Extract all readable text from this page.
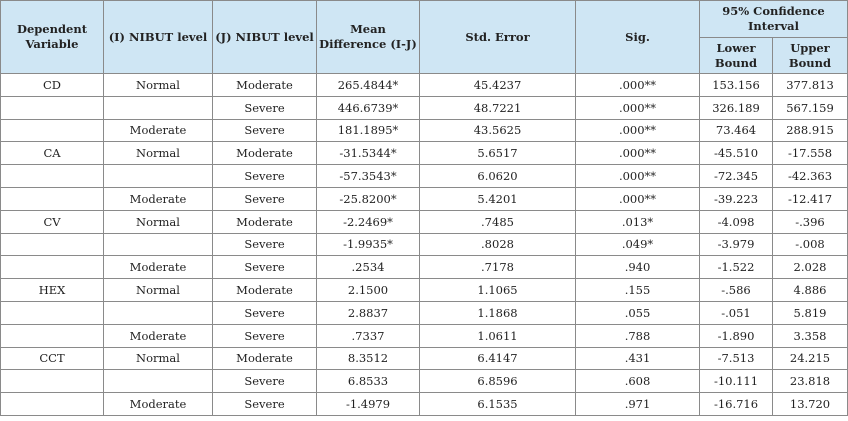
Dependent Variable	(I) NIBUT level	(J) NIBUT level	Mean Difference (I-J)	Std. Error	Sig.	95% Confidence Interval	
						Lower Bound	Upper Bound
CD	Normal	Moderate	265.4844*	45.4237	.000**	153.156	377.813
		Severe	446.6739*	48.7221	.000**	326.189	567.159
	Moderate	Severe	181.1895*	43.5625	.000**	73.464	288.915
CA	Normal	Moderate	-31.5344*	5.6517	.000**	-45.510	-17.558
		Severe	-57.3543*	6.0620	.000**	-72.345	-42.363
	Moderate	Severe	-25.8200*	5.4201	.000**	-39.223	-12.417
CV	Normal	Moderate	-2.2469*	.7485	.013*	-4.098	-.396
		Severe	-1.9935*	.8028	.049*	-3.979	-.008
	Moderate	Severe	.2534	.7178	.940	-1.522	2.028
HEX	Normal	Moderate	2.1500	1.1065	.155	-.586	4.886
		Severe	2.8837	1.1868	.055	-.051	5.819
	Moderate	Severe	.7337	1.0611	.788	-1.890	3.358
CCT	Normal	Moderate	8.3512	6.4147	.431	-7.513	24.215
		Severe	6.8533	6.8596	.608	-10.111	23.818
	Moderate	Severe	-1.4979	6.1535	.971	-16.716	13.720
